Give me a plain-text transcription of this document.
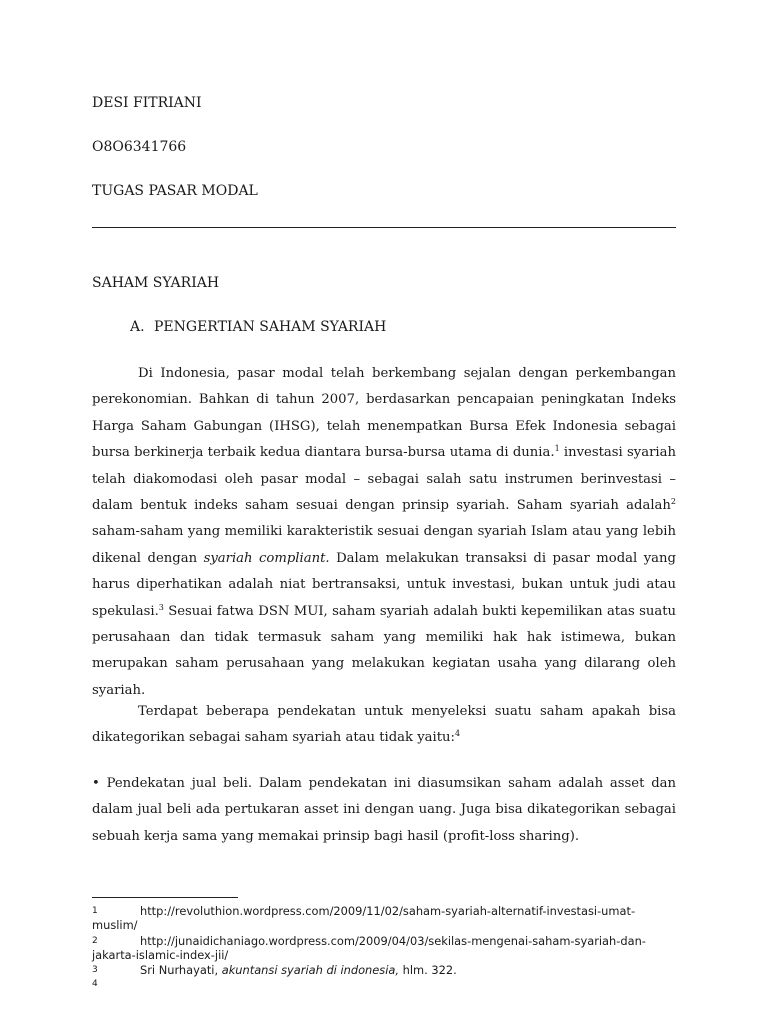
DESI FITRIANI
O8O6341766
TUGAS PASAR MODAL
SAHAM SYARIAH
A. PENGERTIAN SAHAM SYARIAH

Di Indonesia, pasar modal telah berkembang sejalan dengan perkembangan perekonomian. Bahkan di tahun 2007, berdasarkan pencapaian peningkatan Indeks Harga Saham Gabungan (IHSG), telah menempatkan Bursa Efek Indonesia sebagai bursa berkinerja terbaik kedua diantara bursa-bursa utama di dunia.$^1$ investasi syariah telah diakomodasi oleh pasar modal – sebagai salah satu instrumen berinvestasi – dalam bentuk indeks saham sesuai dengan prinsip syariah. Saham syariah adalah$^2$ saham-saham yang memiliki karakteristik sesuai dengan syariah Islam atau yang lebih dikenal dengan syariah compliant. Dalam melakukan transaksi di pasar modal yang harus diperhatikan adalah niat bertransaksi, untuk investasi, bukan untuk judi atau spekulasi.$^3$ Sesuai fatwa DSN MUI, saham syariah adalah bukti kepemilikan atas suatu perusahaan dan tidak termasuk saham yang memiliki hak hak istimewa, bukan merupakan saham perusahaan yang melakukan kegiatan usaha yang dilarang oleh syariah.

Terdapat beberapa pendekatan untuk menyeleksi suatu saham apakah bisa dikategorikan sebagai saham syariah atau tidak yaitu:$^4$

• Pendekatan jual beli. Dalam pendekatan ini diasumsikan saham adalah asset dan dalam jual beli ada pertukaran asset ini dengan uang. Juga bisa dikategorikan sebagai sebuah kerja sama yang memakai prinsip bagi hasil (profit-loss sharing).

1	http://revoluthion.wordpress.com/2009/11/02/saham-syariah-alternatif-investasi-umat-muslim/

2	http://junaidichaniago.wordpress.com/2009/04/03/sekilas-mengenai-saham-syariah-dan-jakarta-islamic-index-jii/

3	Sri Nurhayati, akuntansi syariah di indonesia, hlm. 322.

4
